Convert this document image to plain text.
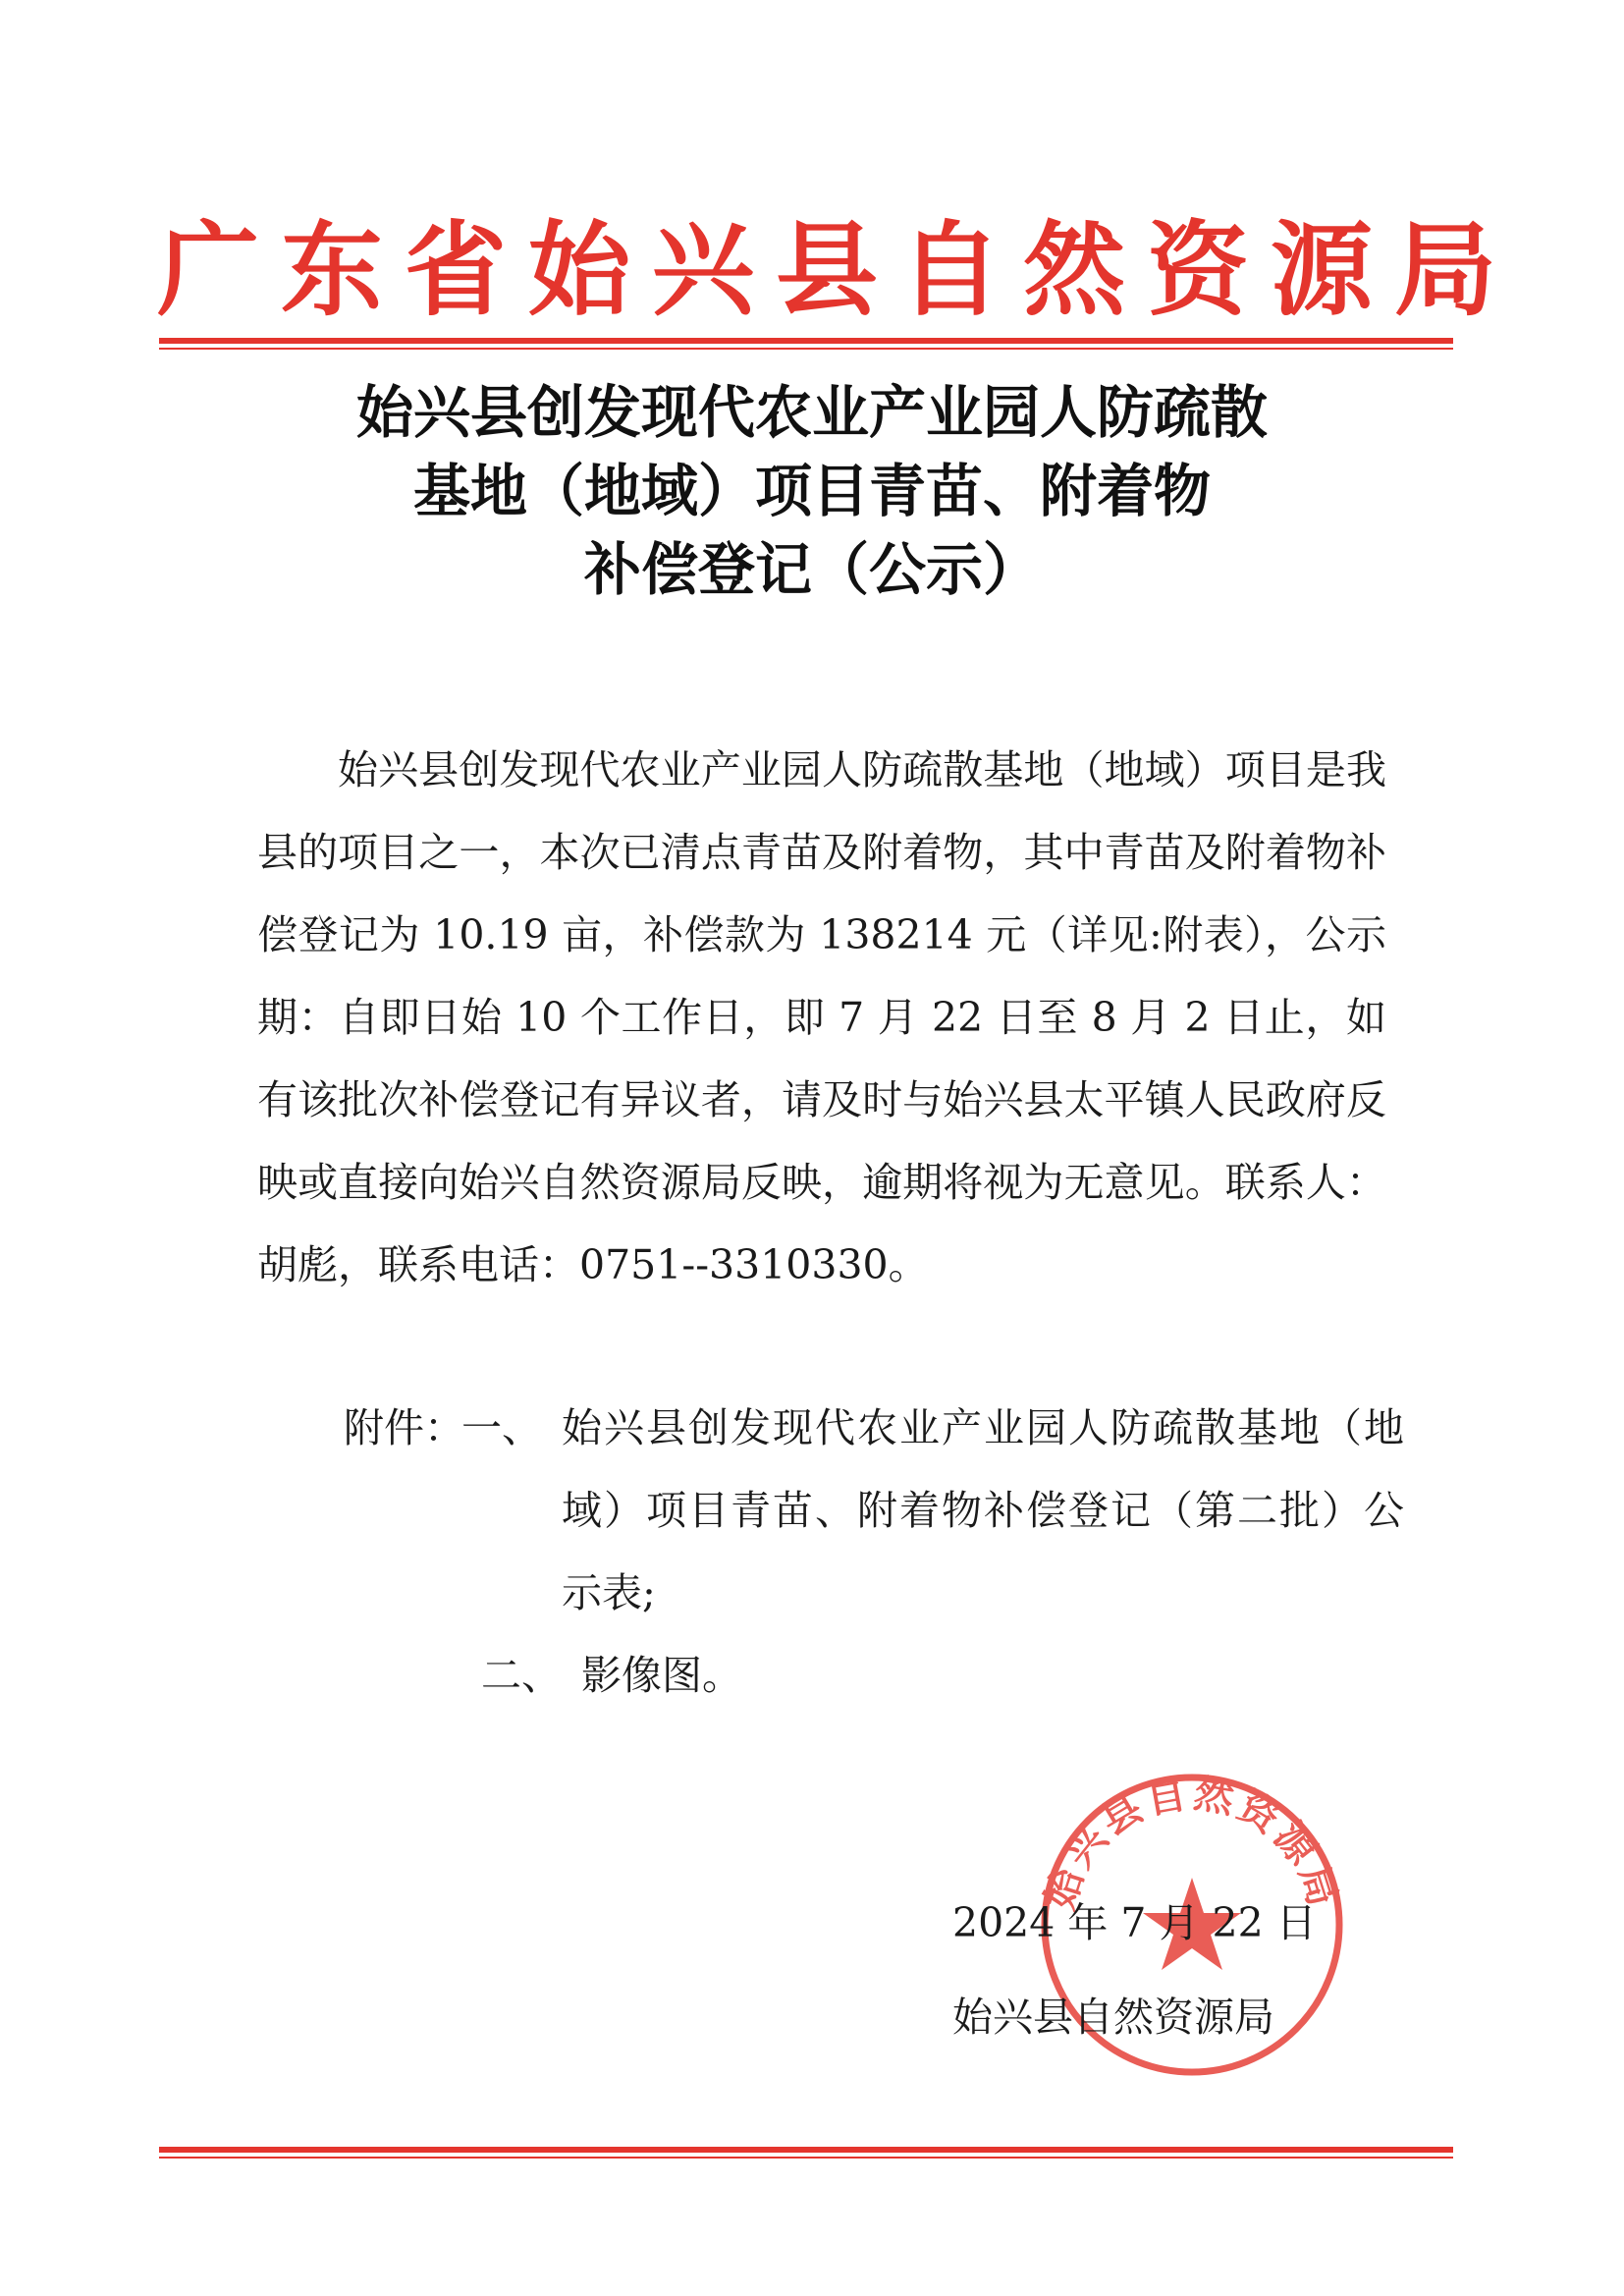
广东省始兴县自然资源局
始兴县创发现代农业产业园人防疏散
基地（地域）项目青苗、附着物
补偿登记（公示）
始兴县创发现代农业产业园人防疏散基地（地域）项目是我县的项目之一，本次已清点青苗及附着物，其中青苗及附着物补偿登记为 10.19 亩，补偿款为 138214 元（详见:附表），公示期：自即日始 10 个工作日，即 7 月 22 日至 8 月 2 日止，如有该批次补偿登记有异议者，请及时与始兴县太平镇人民政府反映或直接向始兴自然资源局反映，逾期将视为无意见。联系人：胡彪，联系电话：0751--3310330。
附件：
一、 始兴县创发现代农业产业园人防疏散基地（地域）项目青苗、附着物补偿登记（第二批）公示表;
二、 影像图。
始兴县自然资源局
2024 年 7 月 22 日
始兴县自然资源局
